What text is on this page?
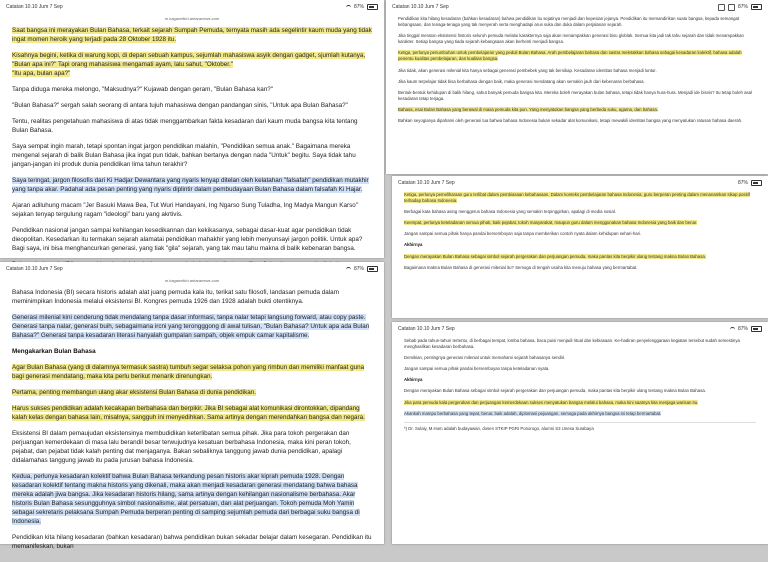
Catatan 10.10 Jum 7 Sep	87%
m.kaganetkiri.antaranews.com

Saat bangsa ini merayakan Bulan Bahasa, terkait sejarah Sumpah Pemuda, ternyata masih ada segelintir kaum muda yang tidak ingat momen heroik yang terjadi pada 28 Oktober 1928 itu.

Kisahnya begini, ketika di warung kopi, di depan sebuah kampus, sejumlah mahasiswa asyik dengan gadget, sjumlah kutanya, "Bulan apa ini?" Tapi orang mahasiswa mengamati ayam, lalu sahut, "Oktober."
"Itu apa, bulan apa?"

Tanpa diduga mereka melongo, "Maksudnya?" Kujawab dengan geram, "Bulan Bahasa kan?"

"Bulan Bahasa?" sergah salah seorang di antara tujuh mahasiswa dengan pandangan sinis, "Untuk apa Bulan Bahasa?"

Tentu, realitas pengetahuan mahasiswa di atas tidak menggambarkan fakta kesadaran dari kaum muda bangsa kita tentang Bulan Bahasa.

Saya sempat ingin marah, tetapi spontan ingat jargon pendidikan malahin, "Pendidikan semua anak." Bagaimana mereka mengenal sejarah di balik Bulan Bahasa jika ingat pun tidak, bahkan bertanya dengan nada "Untuk" begitu. Saya tidak tahu jangan-jangan ini produk dunia pendidikan lima tahun terakhir?

Saya teringat, jargon filosofis dari Ki Hadjar Dewantara yang nyaris lenyap ditelan oleh kelatahan "falsafah" pendidikan mutakhir yang tanpa akar. Padahal ada pesan penting yang nyaris diplintir dalam pembudayaan Bulan Bahasa dalam falsafah Ki Hajar.

Ajaran adiluhung macam "Jer Basuki Mawa Bea, Tut Wuri Handayani, Ing Ngarso Sung Tuladha, Ing Madya Mangun Karso" sejakan tenyap tergulung ragam "ideologi" baru yang akrtivis.

Pendidikan nasional jangan sampai kehilangan kesedikannan dan kekikasanya, sebagai dasar-kuat agar pendidikan tidak dieopolitan. Kesedarkan itu termakan sejarah alamatai pendidikan mahakhir yang lebih menyunsayi jargon politik. Untuk apa? Bagi saya, ini bisa menghancurkan generasi, yang tiak "gila" sejarah, yang tak mau tahu makna di balik kebenaran bangsa.

Catatan 10.10 Jum 7 Sep	87%
m.kaganetkiri.antaranews.com

Bahasa Indonesia (BI) secara historis adalah alat juang pemuda kala itu, terikat satu filosofi, landasan pemuda dalam meminimpikan Indonesia melalui eksistensi BI. Kongres pemuda 1926 dan 1928 adalah bukti otentiknya.

Generasi milenial kini cenderung tidak mendalang tanpa dasar informasi, tanpa nalar tetapi langsung forward, atau copy paste. Generasi tanpa nalar, generasi buih, sebagaimana ircni yang terongggong di awal tulisan, "Bulan Bahasa? Untuk apa ada Bulan Bahasa?" Generasi tanpa kesadaran literasi hanyalah gumpalan sampah, objek empuk camar kapitalisme.

Mengakarkan Bulan Bahasa

Agar Bulan Bahasa (yang di dalamnya termasuk sastra) tumbuh segar selaksa pohon yang rimbun dan memiliki manfaat guna bagi generasi mendatang, maka kita perlu berikut menarik direnungkan.

Pertama, penting membangun ulang akar eksistensi Bulan Bahasa di dunia pendidikan.

Harus sukses pendidikan adalah kecakapan berbahasa dan berpikir. Jika BI sebagai alat komunikasi dirontokkan, dipandang kalah kelas dengan bahasa lain, misalnya, sangguh ini menyedihkan. Sama artinya dengan merendahkan bangsa dan negara.

Eksistensi BI dalam pemaujudan eksistensinya membudidikan keterlibatan semua pihak. Jika para tokoh pergerakan dan perjuangan kemerdekaan di masa lalu berandil besar terwujudnya kesatuan berbahasa Indonesia, maka kini peran tokoh, pejabat, dan pejabat tidak kalah penting dat menjaganya. Bakan sebaliknya tanggung jawab dunia pendidikan, apalagi didalamahas tanggung jawab itu pada jurusan bahasa Indonesia.

Kedua, perlunya kesadaran kolektif bahwa Bulan Bahasa terkandung pesan historis akar kiprah pemuda 1928. Dengan kesadaran kolektif tentang makna historis yang dikenali, maka akan menjadi kesadaran generasi mendatang bahwa bahasa mereka adalah jiwa bangsa. Jika kesadaran historis hilang, sama artinya dengan kehilangan nasionalisme berbahasa. Akar historis Bulan Bahasa sesungguhnya simbol nasionalisme, alat persatuan, dan alat perjuangan. Tokoh pemuda Moh Yamin sebagai sekretaris pelaksana Sumpah Pemuda berperan penting di samping sejumlah pemuda dari berbagai suku bangsa di Indonesia.

Pendidikan kita hilang kesadaran (bahkan kesadaran) bahwa pendidikan bukan sekadar belajar dalam kesegaran. Pendidikan itu memanifeskan, bukan

Catatan 10.10 Jum 7 Sep	87%

Pendidikan kita hilang kesadaran (bahkan kesadaran) bahwa pendidikan itu sejatinya menjadi dan kepesian jejanya. Pendidikan itu memandirikan suatu bangsa, kepada semangat kebangsaan, dan tenaga-tenaga yang tak menyerah serta menghadapi arus suka dan duka dalam perjalanan sejarah.

Jika tinggal meraton eksistensi historis seluruh pemuda melalui karakternya saja akan menampakkan generasi bisu globlak. Semua kita jadi tak tahu sejarah dan tidak menampakkan karakter. Setiap bangsa yang tiada sejarah kebangsaan akan berhenti menjadi bangsa.

Ketiga, perlunya penumbuhan untuk pembelajaran yang peduli Bulan Bahasa. Arah pembelajaran bahasa dan sastra meletakkan bahasa sebagai kesadaran kolektif, bahasa adalah penentu kualitas pembelajaran, dan kualitas bangsa.

Jika tidak, akan generasi milenial kita hanya sebagai generasi pembebek yang tak bersikap. Kesadaran identitas bahasa menjadi luntur.

Jika kaum terpelajar tidak bisa berbahasa dengan baik, maka generasi mendatang akan semakin jauh dari kebenaran berbahasa.

Bentuk-bentuk kehidupan di balik hilang, sahut banyak pemuda bangsa kita. Mereka boleh merayakan bulan bahasa, tetapi tidak hanya hura-hura. Menjadi ide bisnis? Itu tetap boleh asal kesadaran tetap terjaga.

Bahasa, esai Bulan Bahasa yang berawal di masa pemuda kita pun. Yang menyatukan bangsa yang berbeda suku, agama, dan bahasa.

Bahkan seyogianya dipahami oleh generasi tua bahwa bahasa Indonesia bukan sekadar alat komunikasi, tetapi mewakili identitas bangsa yang menyatukan ratusan bahasa daerah.

Catatan 10.10 Jum 7 Sep	87%

Ketiga, perlunya pemeliharaan guru terlibat dalam pembiasaan kebahasaan. Dalam konteks pembelajaran bahasa Indonesia, guru berperan penting dalam menanamkan sikap positif terhadap bahasa Indonesia.

Berbagai kata bahasa asing menggerus bahasa Indonesia yang semakin terpinggirkan, apalagi di media sosial.

Keempat, perlunya keteladanan semua pihak, baik pejabat, tokoh masyarakat, maupun guru dalam menggunakan bahasa Indonesia yang baik dan benar.

Jangan sampai semua pihak hanya pandai bersemboyan saja tanpa memberikan contoh nyata dalam kehidupan sehari-hari.

Akhirnya

Dengan merayakan Bulan Bahasa sebagai simbol sejarah pergerakan dan perjuangan pemuda, maka pantas kita berpikir ulang tentang makna Bulan Bahasa.

Bagaimana makna Bulan Bahasa di generasi milenial itu? Semoga di tengah usaha kita menuju bahasa yang bermartabat.

Catatan 10.10 Jum 7 Sep	87%

Sebab pada tahun-tahun tertentu, di berbagai tempat, lomba bahasa, baca puisi menjadi ritual dan kebiasaan. Ke-hadiran penyelenggaraan kegiatan tersebut sudah semestinya menghasilkan kesadaran berbahasa.

Demikian, pentingnya generasi milenial untuk memahami sejarah bahasanya sendiri.

Jangan sampai semua pihak pandai bersemboyan tanpa keteladanan nyata.

Akhirnya

Dengan merayakan Bulan Bahasa sebagai simbol sejarah pergerakan dan perjuangan pemuda, maka pantas kita berpikir ulang tentang makna Bulan Bahasa.

Jika para pemuda kala pergerakan dan perjuangan kemerdekaan sukses menyatukan bangsa melalui bahasa, maka kini saatnya kita menjaga warisan itu.

Akankah mampu berbahasa yang tepat, benar, baik adalah, diplomasi pejuangan, semoga pada akhirnya bangsa ini tetap bermartabat.

*) Dr. Sulaiy, M.Hum adalah budayawan, dosen STKIP PGRI Ponorogo, alumni S3 Unesa Surabaya
